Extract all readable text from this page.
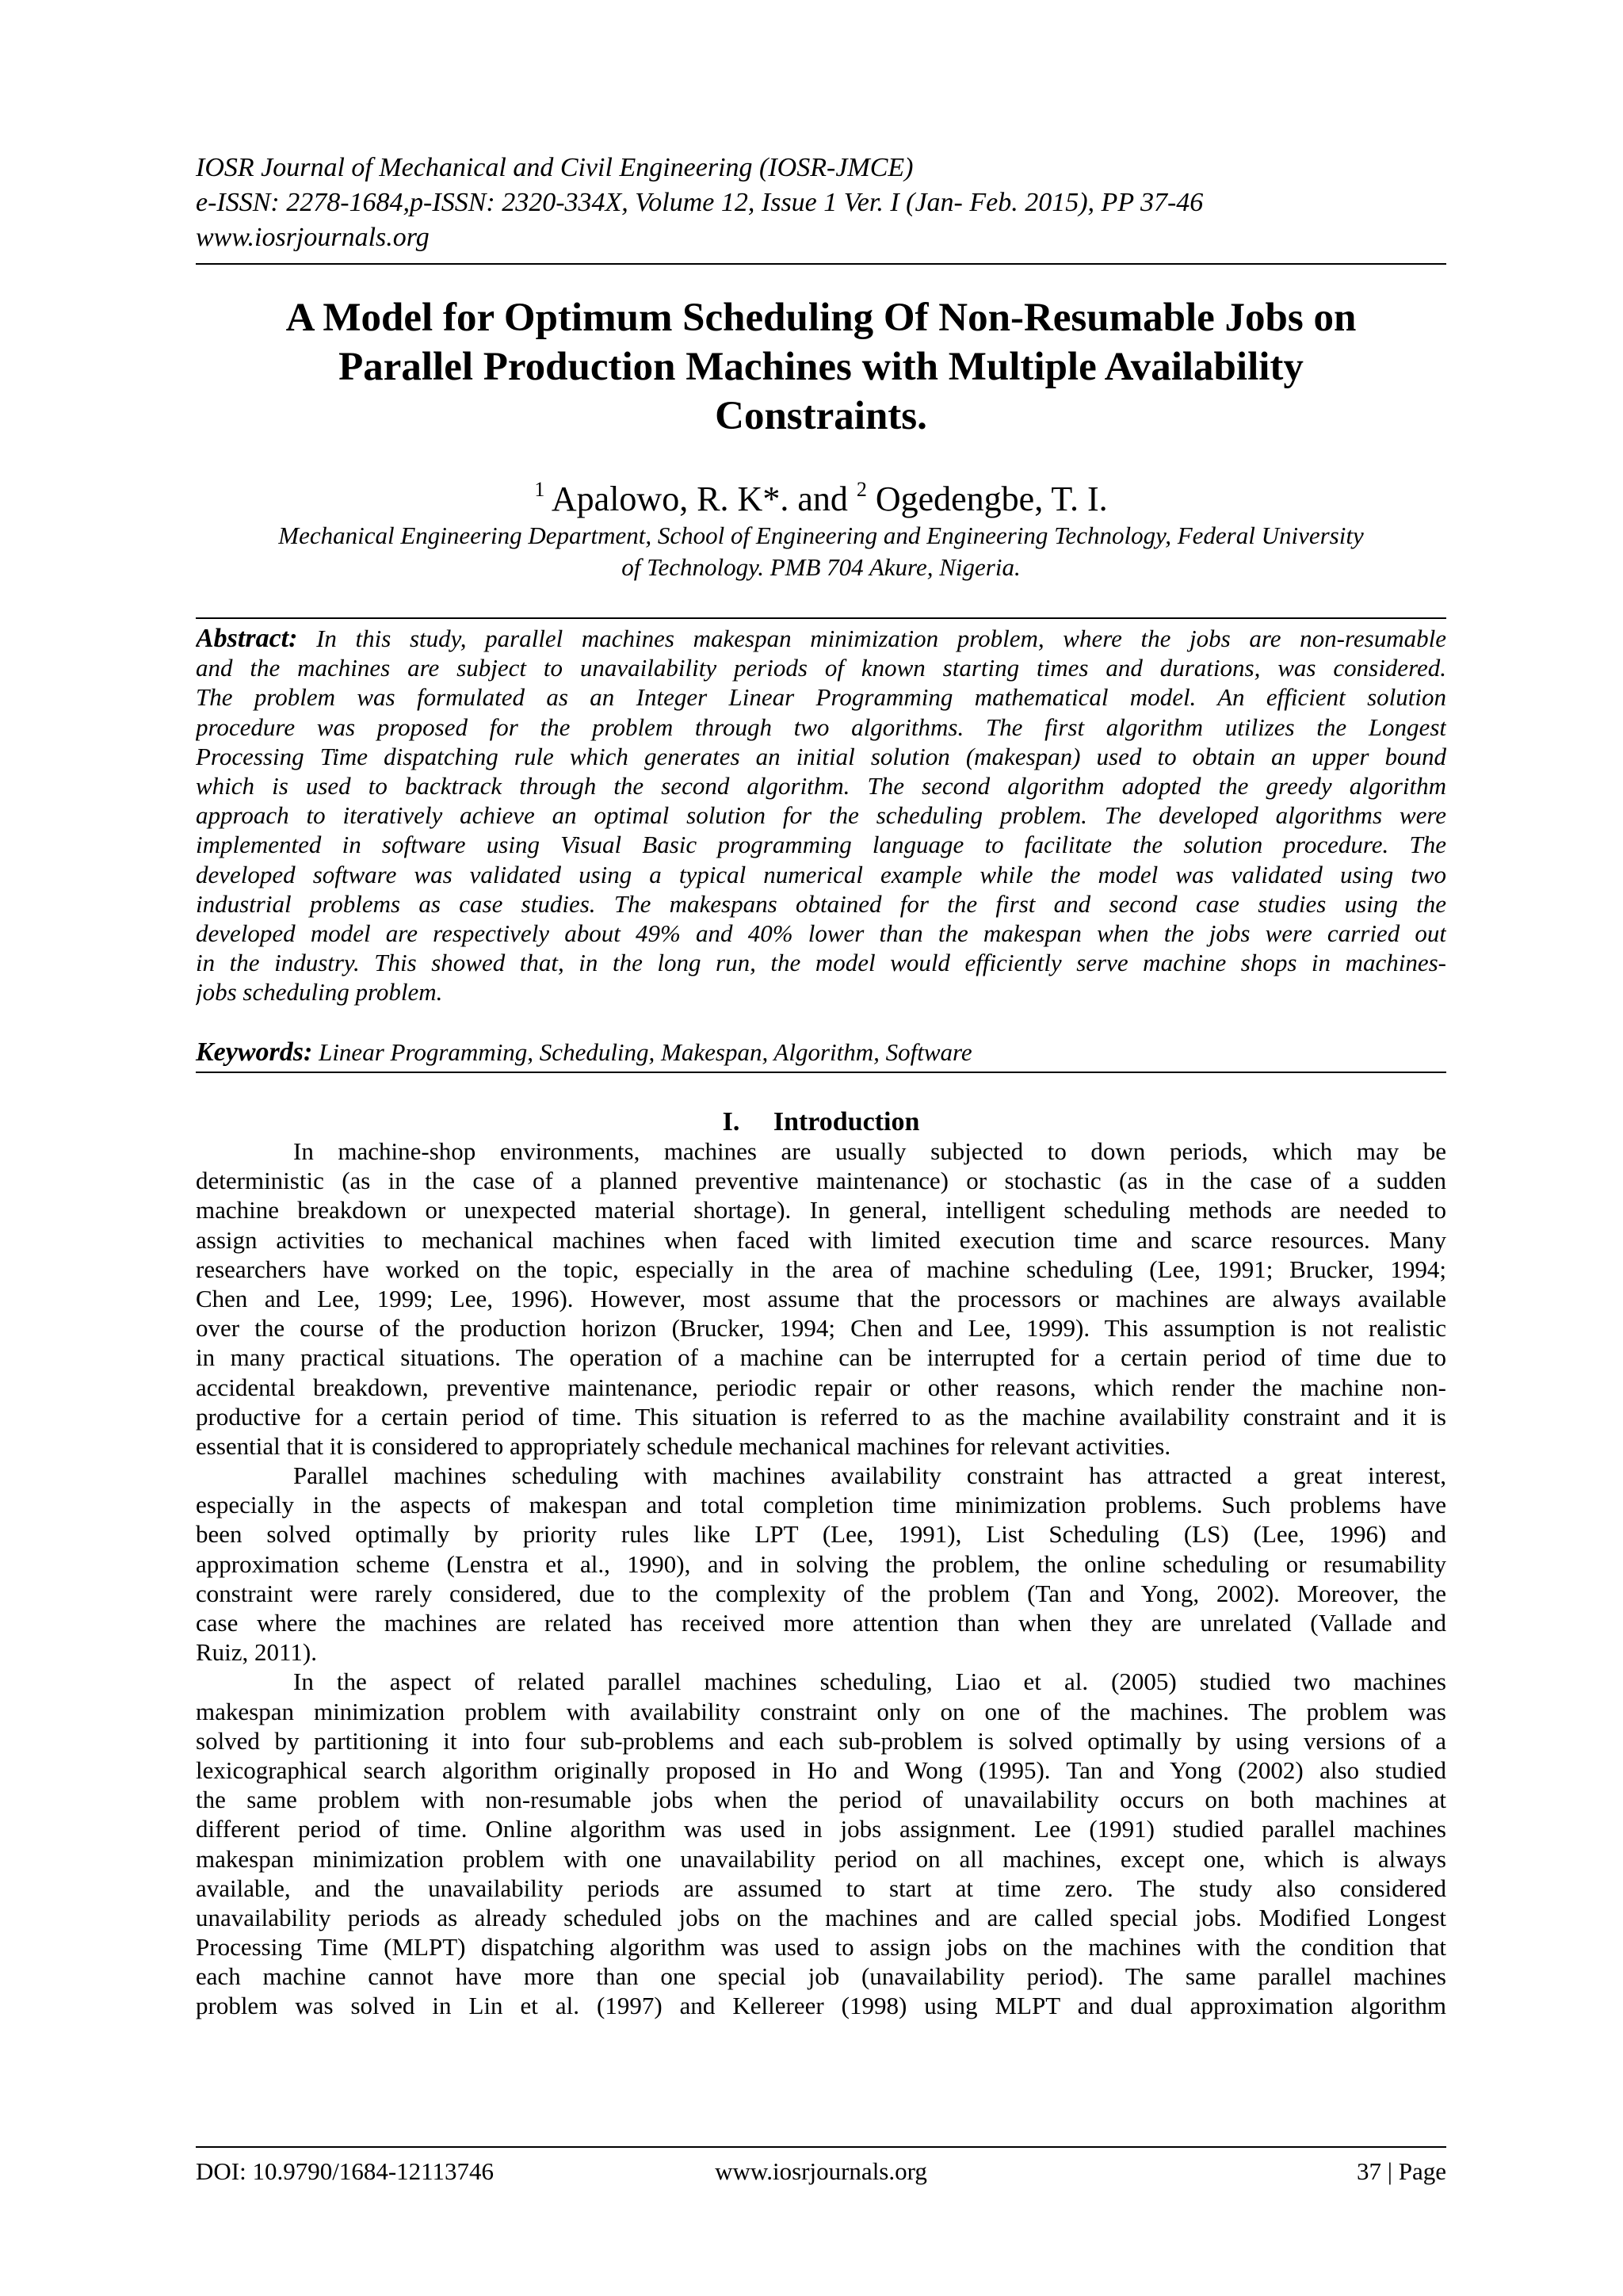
IOSR Journal of Mechanical and Civil Engineering (IOSR-JMCE)
e-ISSN: 2278-1684,p-ISSN: 2320-334X, Volume 12, Issue 1 Ver. I (Jan- Feb. 2015), PP 37-46
www.iosrjournals.org
A Model for Optimum Scheduling Of Non-Resumable Jobs on
Parallel Production Machines with Multiple Availability
Constraints.
$^1$ Apalowo, R. K*. and $^2$ Ogedengbe, T. I.
Mechanical Engineering Department, School of Engineering and Engineering Technology, Federal University
of Technology. PMB 704 Akure, Nigeria.
Abstract: In this study, parallel machines makespan minimization problem, where the jobs are non-resumable
and the machines are subject to unavailability periods of known starting times and durations, was considered.
The problem was formulated as an Integer Linear Programming mathematical model. An efficient solution
procedure was proposed for the problem through two algorithms. The first algorithm utilizes the Longest
Processing Time dispatching rule which generates an initial solution (makespan) used to obtain an upper bound
which is used to backtrack through the second algorithm. The second algorithm adopted the greedy algorithm
approach to iteratively achieve an optimal solution for the scheduling problem. The developed algorithms were
implemented in software using Visual Basic programming language to facilitate the solution procedure. The
developed software was validated using a typical numerical example while the model was validated using two
industrial problems as case studies. The makespans obtained for the first and second case studies using the
developed model are respectively about 49% and 40% lower than the makespan when the jobs were carried out
in the industry. This showed that, in the long run, the model would efficiently serve machine shops in machines-
jobs scheduling problem.
Keywords: Linear Programming, Scheduling, Makespan, Algorithm, Software
I. Introduction
In machine-shop environments, machines are usually subjected to down periods, which may be
deterministic (as in the case of a planned preventive maintenance) or stochastic (as in the case of a sudden
machine breakdown or unexpected material shortage). In general, intelligent scheduling methods are needed to
assign activities to mechanical machines when faced with limited execution time and scarce resources. Many
researchers have worked on the topic, especially in the area of machine scheduling (Lee, 1991; Brucker, 1994;
Chen and Lee, 1999; Lee, 1996). However, most assume that the processors or machines are always available
over the course of the production horizon (Brucker, 1994; Chen and Lee, 1999). This assumption is not realistic
in many practical situations. The operation of a machine can be interrupted for a certain period of time due to
accidental breakdown, preventive maintenance, periodic repair or other reasons, which render the machine non-
productive for a certain period of time. This situation is referred to as the machine availability constraint and it is
essential that it is considered to appropriately schedule mechanical machines for relevant activities.
Parallel machines scheduling with machines availability constraint has attracted a great interest,
especially in the aspects of makespan and total completion time minimization problems. Such problems have
been solved optimally by priority rules like LPT (Lee, 1991), List Scheduling (LS) (Lee, 1996) and
approximation scheme (Lenstra et al., 1990), and in solving the problem, the online scheduling or resumability
constraint were rarely considered, due to the complexity of the problem (Tan and Yong, 2002). Moreover, the
case where the machines are related has received more attention than when they are unrelated (Vallade and
Ruiz, 2011).
In the aspect of related parallel machines scheduling, Liao et al. (2005) studied two machines
makespan minimization problem with availability constraint only on one of the machines. The problem was
solved by partitioning it into four sub-problems and each sub-problem is solved optimally by using versions of a
lexicographical search algorithm originally proposed in Ho and Wong (1995). Tan and Yong (2002) also studied
the same problem with non-resumable jobs when the period of unavailability occurs on both machines at
different period of time. Online algorithm was used in jobs assignment. Lee (1991) studied parallel machines
makespan minimization problem with one unavailability period on all machines, except one, which is always
available, and the unavailability periods are assumed to start at time zero. The study also considered
unavailability periods as already scheduled jobs on the machines and are called special jobs. Modified Longest
Processing Time (MLPT) dispatching algorithm was used to assign jobs on the machines with the condition that
each machine cannot have more than one special job (unavailability period). The same parallel machines
problem was solved in Lin et al. (1997) and Kellereer (1998) using MLPT and dual approximation algorithm
DOI: 10.9790/1684-12113746	www.iosrjournals.org	37 | Page
